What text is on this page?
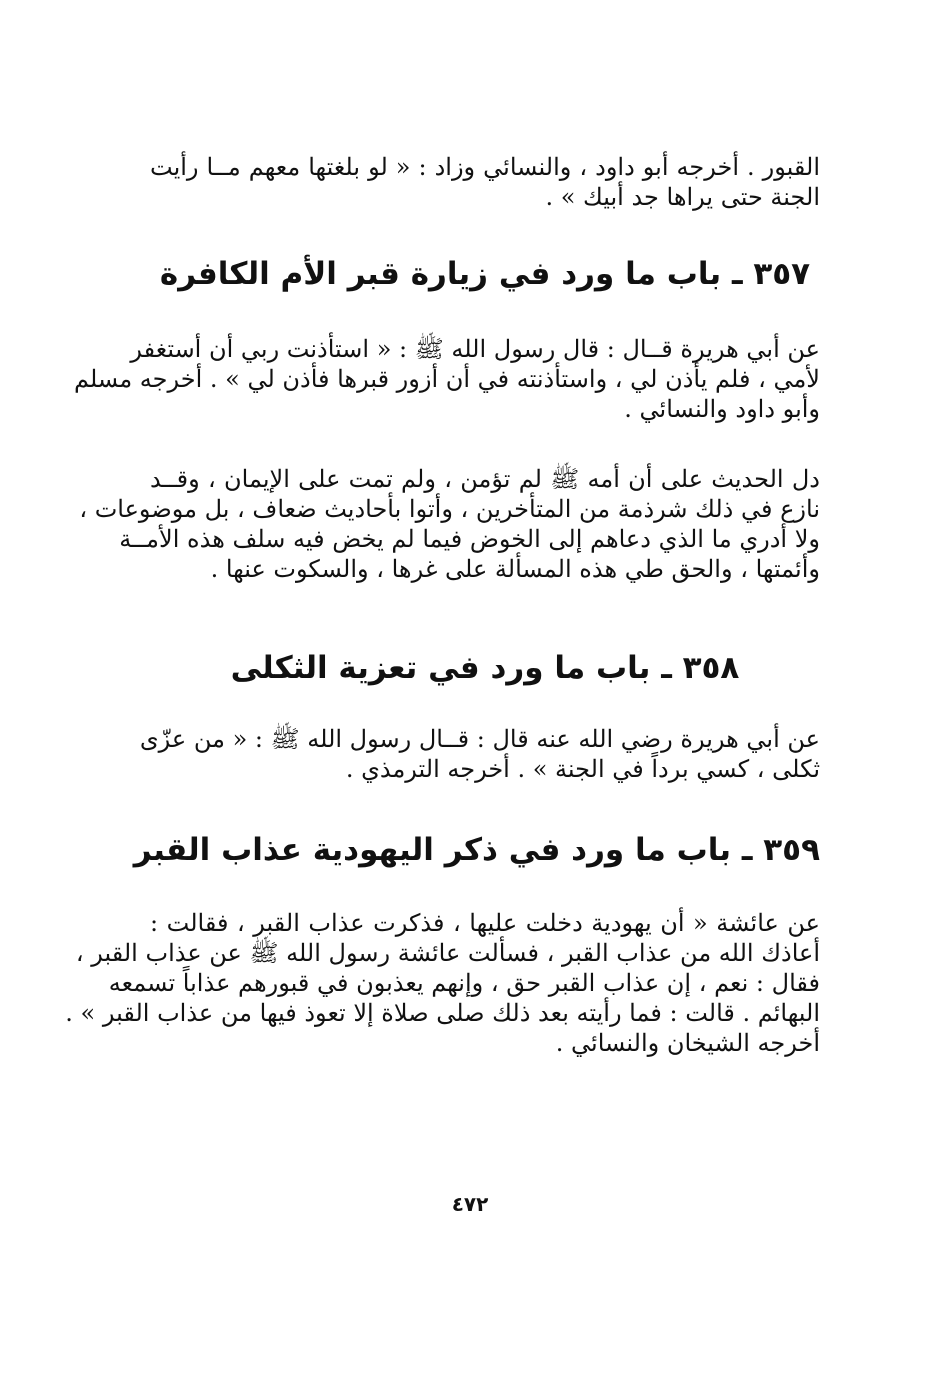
القبور . أخرجه أبو داود ، والنسائي وزاد : « لو بلغتها معهم مــا رأيت
الجنة حتى يراها جد أبيك » .
٣٥٧ ـ باب ما ورد في زيارة قبر الأم الكافرة
عن أبي هريرة قــال : قال رسول الله ﷺ : « استأذنت ربي أن أستغفر
لأمي ، فلم يأذن لي ، واستأذنته في أن أزور قبرها فأذن لي » . أخرجه مسلم
وأبو داود والنسائي .
دل الحديث على أن أمه ﷺ لم تؤمن ، ولم تمت على الإيمان ، وقــد
نازع في ذلك شرذمة من المتأخرين ، وأتوا بأحاديث ضعاف ، بل موضوعات ،
ولا أدري ما الذي دعاهم إلى الخوض فيما لم يخض فيه سلف هذه الأمــة
وأئمتها ، والحق طي هذه المسألة على غرها ، والسكوت عنها .
٣٥٨ ـ باب ما ورد في تعزية الثكلى
عن أبي هريرة رضي الله عنه قال : قــال رسول الله ﷺ : « من عزّى
ثكلى ، كسي برداً في الجنة » . أخرجه الترمذي .
٣٥٩ ـ باب ما ورد في ذكر اليهودية عذاب القبر
عن عائشة « أن يهودية دخلت عليها ، فذكرت عذاب القبر ، فقالت :
أعاذك الله من عذاب القبر ، فسألت عائشة رسول الله ﷺ عن عذاب القبر ،
فقال : نعم ، إن عذاب القبر حق ، وإنهم يعذبون في قبورهم عذاباً تسمعه
البهائم . قالت : فما رأيته بعد ذلك صلى صلاة إلا تعوذ فيها من عذاب القبر » .
أخرجه الشيخان والنسائي .
٤٧٢
